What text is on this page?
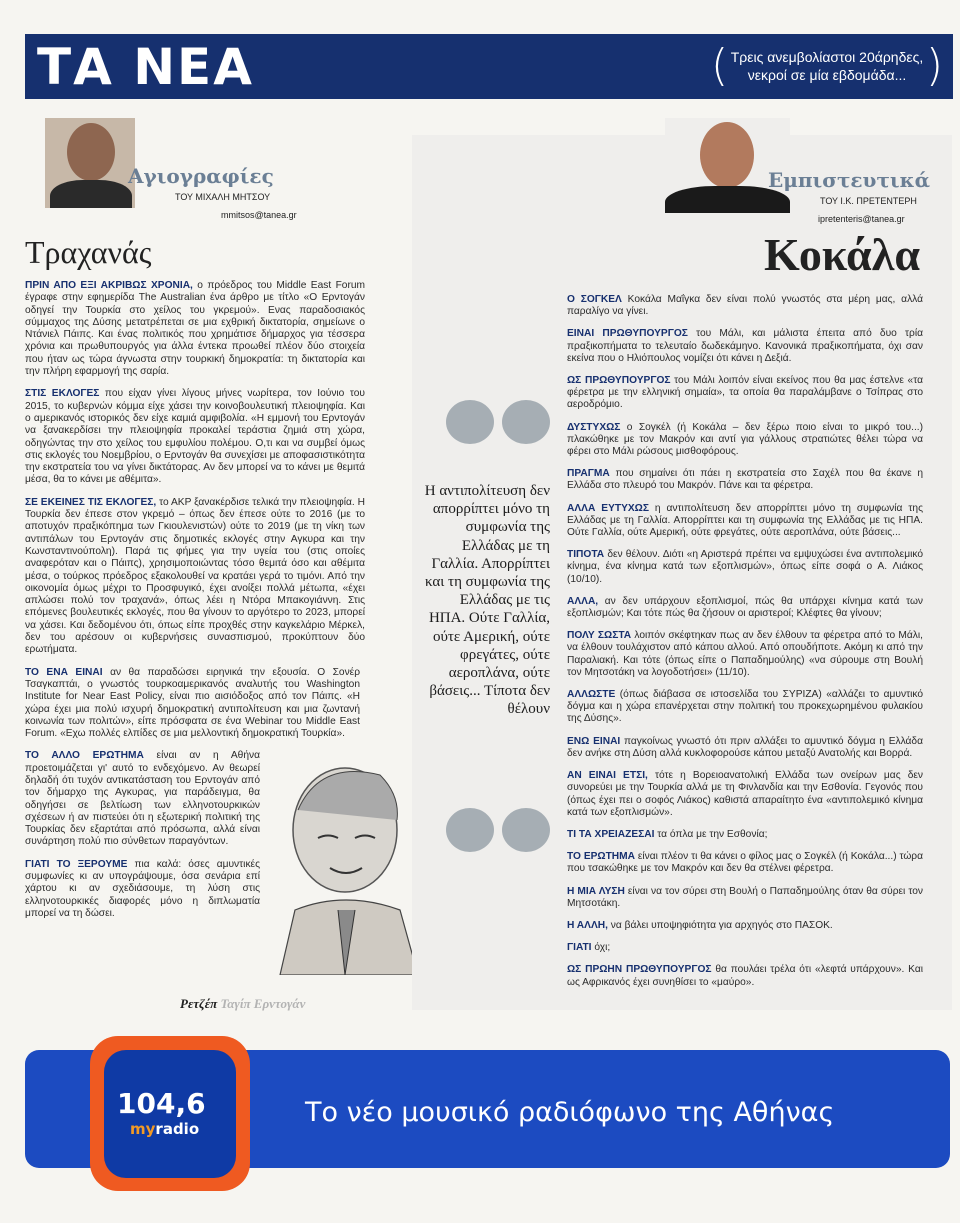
ΤΑ ΝΕΑ	( Τρεις ανεμβολίαστοι 20άρηδες,
νεκροί σε μία εβδομάδα... )
Αγιογραφίες
ΤΟΥ ΜΙΧΑΛΗ ΜΗΤΣΟΥ
mmitsos@tanea.gr
Τραχανάς

ΠΡΙΝ ΑΠΟ ΕΞΙ ΑΚΡΙΒΩΣ ΧΡΟΝΙΑ, ο πρόεδρος του Middle East Forum έγραφε στην εφημερίδα The Australian ένα άρθρο με τίτλο «Ο Ερντογάν οδηγεί την Τουρκία στο χείλος του γκρεμού». Ενας παραδοσιακός σύμμαχος της Δύσης μετατρέπεται σε μια εχθρική δικτατορία, σημείωνε ο Ντάνιελ Πάιπς. Και ένας πολιτικός που χρημάτισε δήμαρχος για τέσσερα χρόνια και πρωθυπουργός για άλλα έντεκα προωθεί πλέον δύο στοιχεία που ήταν ως τώρα άγνωστα στην τουρκική δημοκρατία: τη δικτατορία και την πλήρη εφαρμογή της σαρία.

ΣΤΙΣ ΕΚΛΟΓΕΣ που είχαν γίνει λίγους μήνες νωρίτερα, τον Ιούνιο του 2015, το κυβερνών κόμμα είχε χάσει την κοινοβουλευτική πλειοψηφία. Και ο αμερικανός ιστορικός δεν είχε καμιά αμφιβολία. «Η εμμονή του Ερντογάν να ξανακερδίσει την πλειοψηφία προκαλεί τεράστια ζημιά στη χώρα, οδηγώντας την στο χείλος του εμφυλίου πολέμου. Ο,τι και να συμβεί όμως στις εκλογές του Νοεμβρίου, ο Ερντογάν θα συνεχίσει με αποφασιστικότητα την εκστρατεία του να γίνει δικτάτορας. Αν δεν μπορεί να το κάνει με θεμιτά μέσα, θα το κάνει με αθέμιτα».

ΣΕ ΕΚΕΙΝΕΣ ΤΙΣ ΕΚΛΟΓΕΣ, το ΑΚΡ ξανακέρδισε τελικά την πλειοψηφία. Η Τουρκία δεν έπεσε στον γκρεμό – όπως δεν έπεσε ούτε το 2016 (με το αποτυχόν πραξικόπημα των Γκιουλενιστών) ούτε το 2019 (με τη νίκη των αντιπάλων του Ερντογάν στις δημοτικές εκλογές στην Αγκυρα και την Κωνσταντινούπολη). Παρά τις φήμες για την υγεία του (στις οποίες αναφερόταν και ο Πάιπς), χρησιμοποιώντας τόσο θεμιτά όσο και αθέμιτα μέσα, ο τούρκος πρόεδρος εξακολουθεί να κρατάει γερά το τιμόνι. Από την οικονομία όμως μέχρι το Προσφυγικό, έχει ανοίξει πολλά μέτωπα, «έχει απλώσει πολύ τον τραχανά», όπως λέει η Ντόρα Μπακογιάννη. Στις επόμενες βουλευτικές εκλογές, που θα γίνουν το αργότερο το 2023, μπορεί να χάσει. Και δεδομένου ότι, όπως είπε προχθές στην καγκελάριο Μέρκελ, δεν του αρέσουν οι κυβερνήσεις συνασπισμού, προκύπτουν δύο ερωτήματα.

ΤΟ ΕΝΑ ΕΙΝΑΙ αν θα παραδώσει ειρηνικά την εξουσία. Ο Σονέρ Τσαγκαπτάι, ο γνωστός τουρκοαμερικανός αναλυτής του Washington Institute for Near East Policy, είναι πιο αισιόδοξος από τον Πάιπς. «Η χώρα έχει μια πολύ ισχυρή δημοκρατική αντιπολίτευση και μια ζωντανή κοινωνία των πολιτών», είπε πρόσφατα σε ένα Webinar του Middle East Forum. «Εχω πολλές ελπίδες σε μια μελλοντική δημοκρατική Τουρκία».

ΤΟ ΑΛΛΟ ΕΡΩΤΗΜΑ είναι αν η Αθήνα προετοιμάζεται γι' αυτό το ενδεχόμενο. Αν θεωρεί δηλαδή ότι τυχόν αντικατάσταση του Ερντογάν από τον δήμαρχο της Αγκυρας, για παράδειγμα, θα οδηγήσει σε βελτίωση των ελληνοτουρκικών σχέσεων ή αν πιστεύει ότι η εξωτερική πολιτική της Τουρκίας δεν εξαρτάται από πρόσωπα, αλλά είναι συνάρτηση πολύ πιο σύνθετων παραγόντων.

ΓΙΑΤΙ ΤΟ ΞΕΡΟΥΜΕ πια καλά: όσες αμυντικές συμφωνίες κι αν υπογράψουμε, όσα σενάρια επί χάρτου κι αν σχεδιάσουμε, τη λύση στις ελληνοτουρκικές διαφορές μόνο η διπλωματία μπορεί να τη δώσει.

Ρετζέπ Ταγίπ Ερντογάν
Η αντιπολίτευση δεν απορρίπτει μόνο τη συμφωνία της Ελλάδας με τη Γαλλία. Απορρίπτει και τη συμφωνία της Ελλάδας με τις ΗΠΑ. Ούτε Γαλλία, ούτε Αμερική, ούτε φρεγάτες, ούτε αεροπλάνα, ούτε βάσεις... Τίποτα δεν θέλουν
Εμπιστευτικά
ΤΟΥ Ι.Κ. ΠΡΕΤΕΝΤΕΡΗ
ipretenteris@tanea.gr
Κοκάλα

Ο ΣΟΓΚΕΛ Κοκάλα Μαΐγκα δεν είναι πολύ γνωστός στα μέρη μας, αλλά παραλίγο να γίνει.

ΕΙΝΑΙ ΠΡΩΘΥΠΟΥΡΓΟΣ του Μάλι, και μάλιστα έπειτα από δυο τρία πραξικοπήματα το τελευταίο δωδεκάμηνο. Κανονικά πραξικοπήματα, όχι σαν εκείνα που ο Ηλιόπουλος νομίζει ότι κάνει η Δεξιά.

ΩΣ ΠΡΩΘΥΠΟΥΡΓΟΣ του Μάλι λοιπόν είναι εκείνος που θα μας έστελνε «τα φέρετρα με την ελληνική σημαία», τα οποία θα παραλάμβανε ο Τσίπρας στο αεροδρόμιο.

ΔΥΣΤΥΧΩΣ ο Σογκέλ (ή Κοκάλα – δεν ξέρω ποιο είναι το μικρό του...) πλακώθηκε με τον Μακρόν και αντί για γάλλους στρατιώτες θέλει τώρα να φέρει στο Μάλι ρώσους μισθοφόρους.

ΠΡΑΓΜΑ που σημαίνει ότι πάει η εκστρατεία στο Σαχέλ που θα έκανε η Ελλάδα στο πλευρό του Μακρόν. Πάνε και τα φέρετρα.

ΑΛΛΑ ΕΥΤΥΧΩΣ η αντιπολίτευση δεν απορρίπτει μόνο τη συμφωνία της Ελλάδας με τη Γαλλία. Απορρίπτει και τη συμφωνία της Ελλάδας με τις ΗΠΑ. Ούτε Γαλλία, ούτε Αμερική, ούτε φρεγάτες, ούτε αεροπλάνα, ούτε βάσεις...

ΤΙΠΟΤΑ δεν θέλουν. Διότι «η Αριστερά πρέπει να εμψυχώσει ένα αντιπολεμικό κίνημα, ένα κίνημα κατά των εξοπλισμών», όπως είπε σοφά ο Α. Λιάκος (10/10).

ΑΛΛΑ, αν δεν υπάρχουν εξοπλισμοί, πώς θα υπάρχει κίνημα κατά των εξοπλισμών; Και τότε πώς θα ζήσουν οι αριστεροί; Κλέφτες θα γίνουν;

ΠΟΛΥ ΣΩΣΤΑ λοιπόν σκέφτηκαν πως αν δεν έλθουν τα φέρετρα από το Μάλι, να έλθουν τουλάχιστον από κάπου αλλού. Από οπουδήποτε. Ακόμη κι από την Παραλιακή. Και τότε (όπως είπε ο Παπαδημούλης) «να σύρουμε στη Βουλή τον Μητσοτάκη να λογοδοτήσει» (11/10).

ΑΛΛΩΣΤΕ (όπως διάβασα σε ιστοσελίδα του ΣΥΡΙΖΑ) «αλλάζει το αμυντικό δόγμα και η χώρα επανέρχεται στην πολιτική του προκεχωρημένου φυλακίου της Δύσης».

ΕΝΩ ΕΙΝΑΙ παγκοίνως γνωστό ότι πριν αλλάξει το αμυντικό δόγμα η Ελλάδα δεν ανήκε στη Δύση αλλά κυκλοφορούσε κάπου μεταξύ Ανατολής και Βορρά.

ΑΝ ΕΙΝΑΙ ΕΤΣΙ, τότε η Βορειοανατολική Ελλάδα των ονείρων μας δεν συνορεύει με την Τουρκία αλλά με τη Φινλανδία και την Εσθονία. Γεγονός που (όπως έχει πει ο σοφός Λιάκος) καθιστά απαραίτητο ένα «αντιπολεμικό κίνημα κατά των εξοπλισμών».

ΤΙ ΤΑ ΧΡΕΙΑΖΕΣΑΙ τα όπλα με την Εσθονία;

ΤΟ ΕΡΩΤΗΜΑ είναι πλέον τι θα κάνει ο φίλος μας ο Σογκέλ (ή Κοκάλα...) τώρα που τσακώθηκε με τον Μακρόν και δεν θα στέλνει φέρετρα.

Η ΜΙΑ ΛΥΣΗ είναι να τον σύρει στη Βουλή ο Παπαδημούλης όταν θα σύρει τον Μητσοτάκη.

Η ΑΛΛΗ, να βάλει υποψηφιότητα για αρχηγός στο ΠΑΣΟΚ.

ΓΙΑΤΙ όχι;

ΩΣ ΠΡΩΗΝ ΠΡΩΘΥΠΟΥΡΓΟΣ θα πουλάει τρέλα ότι «λεφτά υπάρχουν». Και ως Αφρικανός έχει συνηθίσει το «μαύρο».

104,6
myradio
Το νέο μουσικό ραδιόφωνο της Αθήνας
